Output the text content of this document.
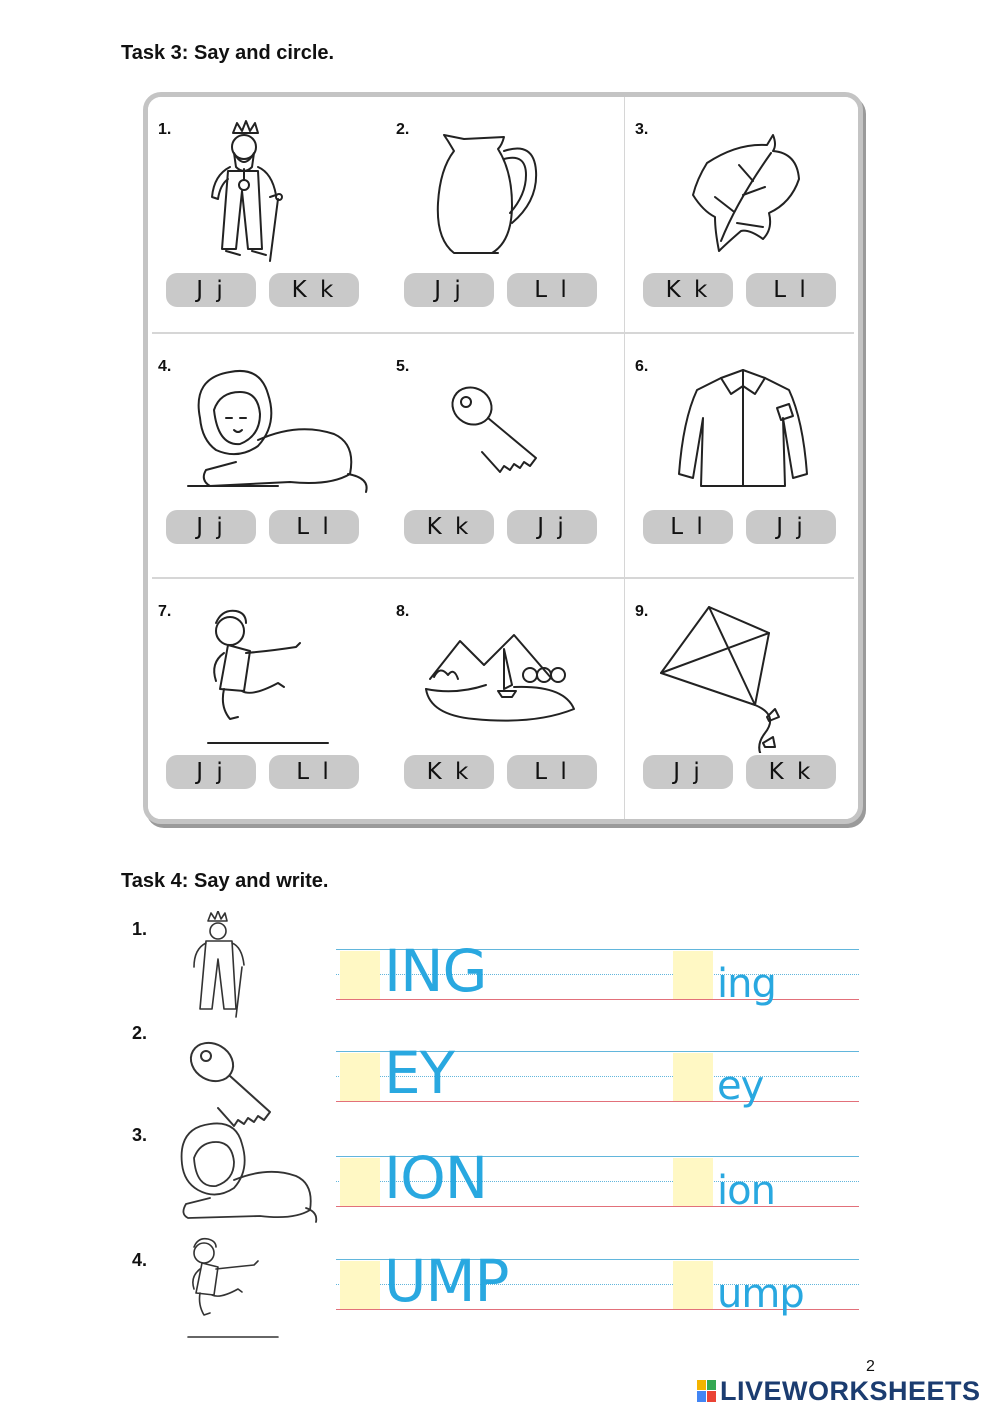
Task 3: Say and circle.
1.
J j	K k
2.
J j	L l
3.
K k	L l
4.
J j	L l
5.
K k	J j
6.
L l	J j
7.
J j	L l
8.
K k	L l
9.
J j	K k
Task 4: Say and write.
1.
ING	ing
2.
EY	ey
3.
ION	ion
4.	UMP	ump
2
LIVEWORKSHEETS
